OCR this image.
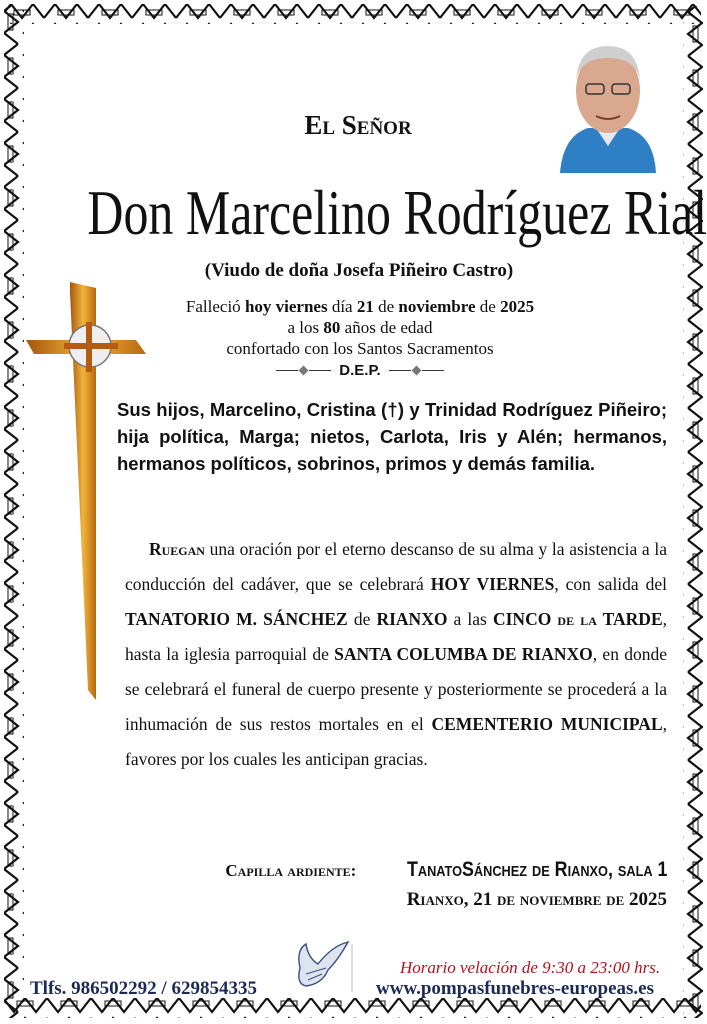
El Señor
Don Marcelino Rodríguez Rial
(Viudo de doña Josefa Piñeiro Castro)
Falleció hoy viernes día 21 de noviembre de 2025
a los 80 años de edad
confortado con los Santos Sacramentos
D.E.P.
Sus hijos, Marcelino, Cristina (†) y Trinidad Rodríguez Piñeiro; hija política, Marga; nietos, Carlota, Iris y Alén; hermanos, hermanos políticos, sobrinos, primos y demás familia.
Ruegan una oración por el eterno descanso de su alma y la asistencia a la conducción del cadáver, que se celebrará HOY VIERNES, con salida del TANATORIO M. SÁNCHEZ de RIANXO a las CINCO de la TARDE, hasta la iglesia parroquial de SANTA COLUMBA DE RIANXO, en donde se celebrará el funeral de cuerpo presente y posteriormente se procederá a la inhumación de sus restos mortales en el CEMENTERIO MUNICIPAL, favores por los cuales les anticipan gracias.
Capilla ardiente: TanatoSánchez de Rianxo, sala 1
Rianxo, 21 de noviembre de 2025
Tlfs. 986502292 / 629854335
Horario velación de 9:30 a 23:00 hrs.
www.pompasfunebres-europeas.es
